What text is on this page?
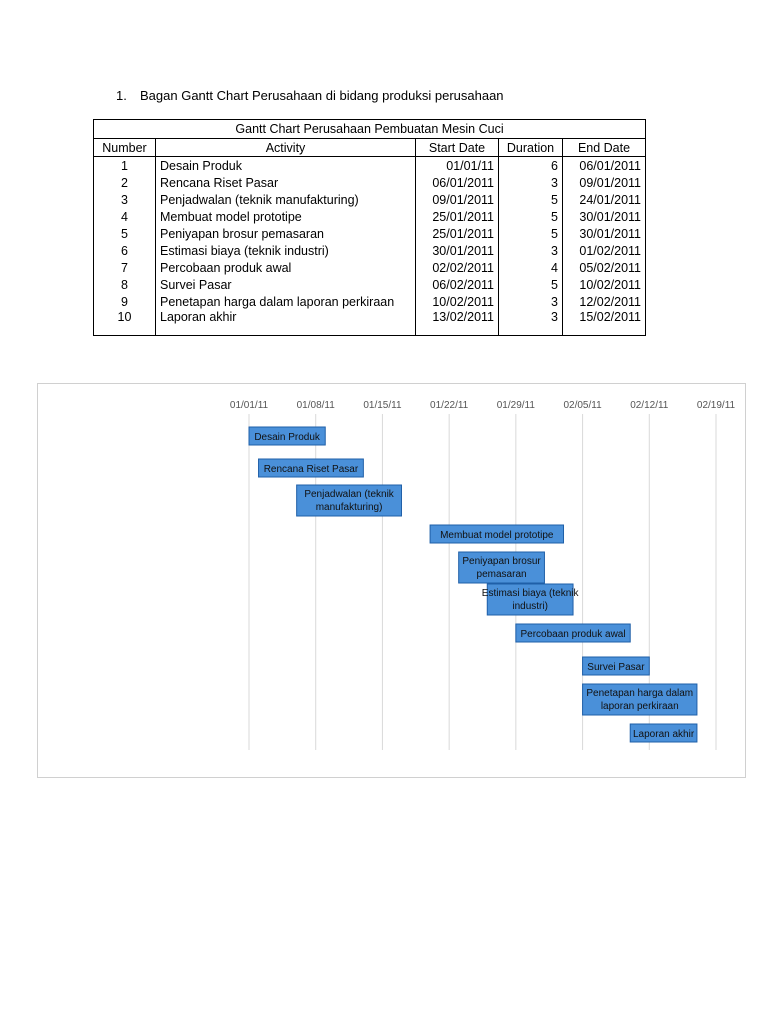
1. Bagan Gantt Chart Perusahaan di bidang produksi perusahaan
Gantt Chart Perusahaan Pembuatan Mesin Cuci				
Number	Activity	Start Date	Duration	End Date
1	Desain Produk	01/01/11	6	06/01/2011
2	Rencana Riset Pasar	06/01/2011	3	09/01/2011
3	Penjadwalan (teknik manufakturing)	09/01/2011	5	24/01/2011
4	Membuat model prototipe	25/01/2011	5	30/01/2011
5	Peniyapan brosur pemasaran	25/01/2011	5	30/01/2011
6	Estimasi biaya (teknik industri)	30/01/2011	3	01/02/2011
7	Percobaan produk awal	02/02/2011	4	05/02/2011
8	Survei Pasar	06/02/2011	5	10/02/2011
9	Penetapan harga dalam laporan perkiraan	10/02/2011	3	12/02/2011
10	Laporan akhir	13/02/2011	3	15/02/2011
01/01/11	01/08/11	01/15/11	01/22/11	01/29/11	02/05/11	02/12/11	02/19/11
Desain Produk
Rencana Riset Pasar
Penjadwalan (teknik
manufakturing)
Membuat model prototipe
Peniyapan brosur
pemasaran
Estimasi biaya (teknik
industri)
Percobaan produk awal
Survei Pasar
Penetapan harga dalam
laporan perkiraan
Laporan akhir
